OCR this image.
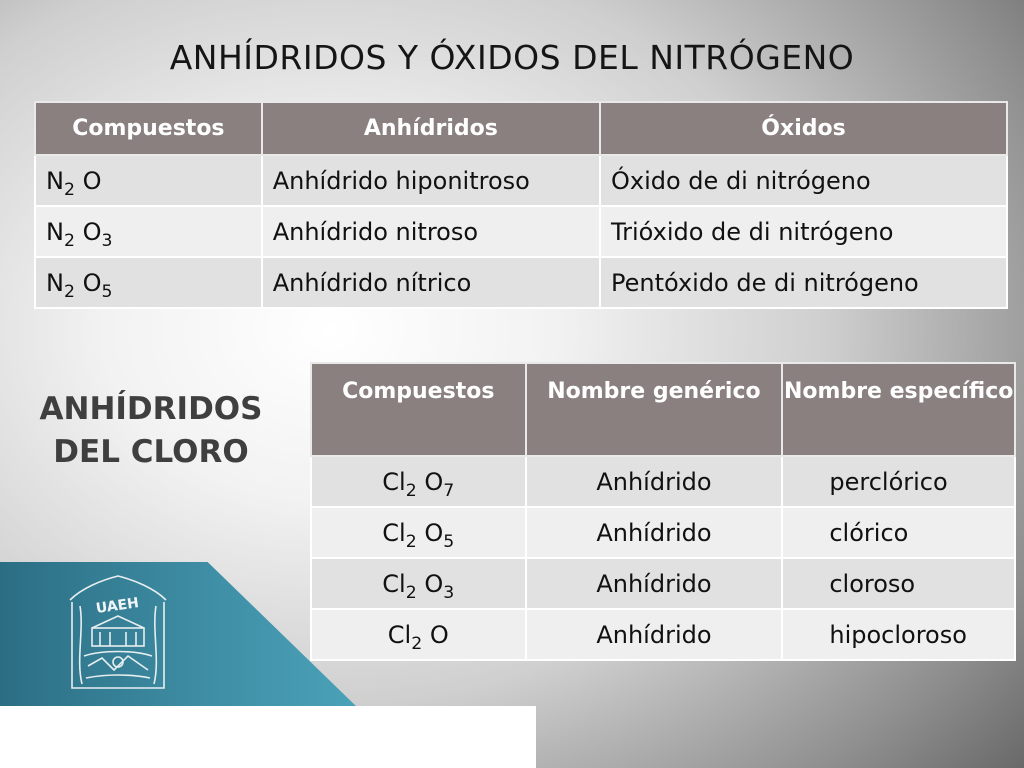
ANHÍDRIDOS Y ÓXIDOS DEL NITRÓGENO
Compuestos	Anhídridos	Óxidos
$N_2$ O	Anhídrido hiponitroso	Óxido de di nitrógeno
$N_2$ $O_3$	Anhídrido nitroso	Trióxido de di nitrógeno
$N_2$ $O_5$	Anhídrido nítrico	Pentóxido de di nitrógeno
ANHÍDRIDOS
DEL CLORO
Compuestos	Nombre genérico	Nombre específico
$Cl_2$ $O_7$	Anhídrido	perclórico
$Cl_2$ $O_5$	Anhídrido	clórico
$Cl_2$ $O_3$	Anhídrido	cloroso
$Cl_2$ O	Anhídrido	hipocloroso
UAEH
